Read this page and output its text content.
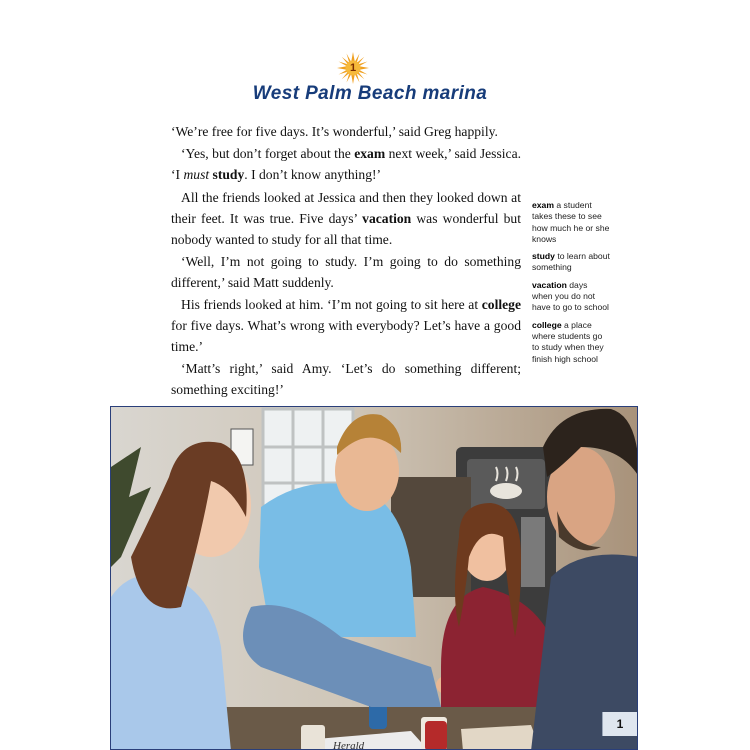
1
West Palm Beach marina

‘We’re free for five days. It’s wonderful,’ said Greg happily.

‘Yes, but don’t forget about the exam next week,’ said Jessica. ‘I must study. I don’t know anything!’

All the friends looked at Jessica and then they looked down at their feet. It was true. Five days’ vacation was wonderful but nobody wanted to study for all that time.

‘Well, I’m not going to study. I’m going to do something different,’ said Matt suddenly.

His friends looked at him. ‘I’m not going to sit here at college for five days. What’s wrong with everybody? Let’s have a good time.’

‘Matt’s right,’ said Amy. ‘Let’s do something different; something exciting!’

exam a student takes these to see how much he or she knows
study to learn about something
vacation days when you do not have to go to school
college a place where students go to study when they finish high school
Herald
1
